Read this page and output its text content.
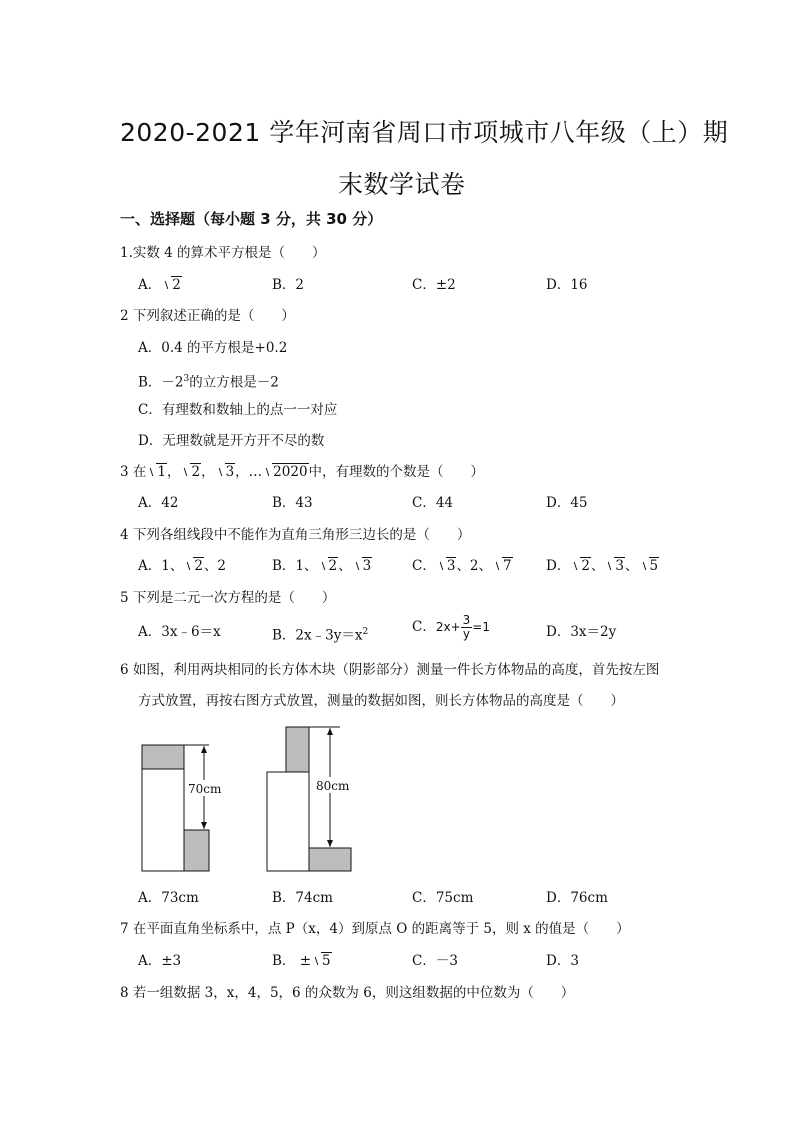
2020-2021 学年河南省周口市项城市八年级（上）期
末数学试卷
一、选择题（每小题 3 分，共 30 分）
1.实数 4 的算术平方根是（　　）
A． 2	B．2	C．±2	D．16
2 下列叙述正确的是（　　）
A．0.4 的平方根是+0.2
B．$-2^3$的立方根是－2
C．有理数和数轴上的点一一对应
D．无理数就是开方开不尽的数
3 在 1， 2， 3，… 2020中，有理数的个数是（　　）
A．42	B．43	C．44	D．45
4 下列各组线段中不能作为直角三角形三边长的是（　　）
A．1、 2、2	B．1、 2、 3	C． 3、2、 7	D． 2、 3、 5
5 下列是二元一次方程的是（　　）
A．3x﹣6＝x	B．$2x﹣3y=x^2$	C．$2x+ \frac{3}{y} =1$	D．3x＝2y
6 如图，利用两块相同的长方体木块（阴影部分）测量一件长方体物品的高度，首先按左图
方式放置，再按右图方式放置，测量的数据如图，则长方体物品的高度是（　　）
70cm	80cm
A．73cm	B．74cm	C．75cm	D．76cm
7 在平面直角坐标系中，点 P（x，4）到原点 O 的距离等于 5，则 x 的值是（　　）
A．±3	B． ± 5	C．－3	D．3
8 若一组数据 3，x，4，5，6 的众数为 6，则这组数据的中位数为（　　）
